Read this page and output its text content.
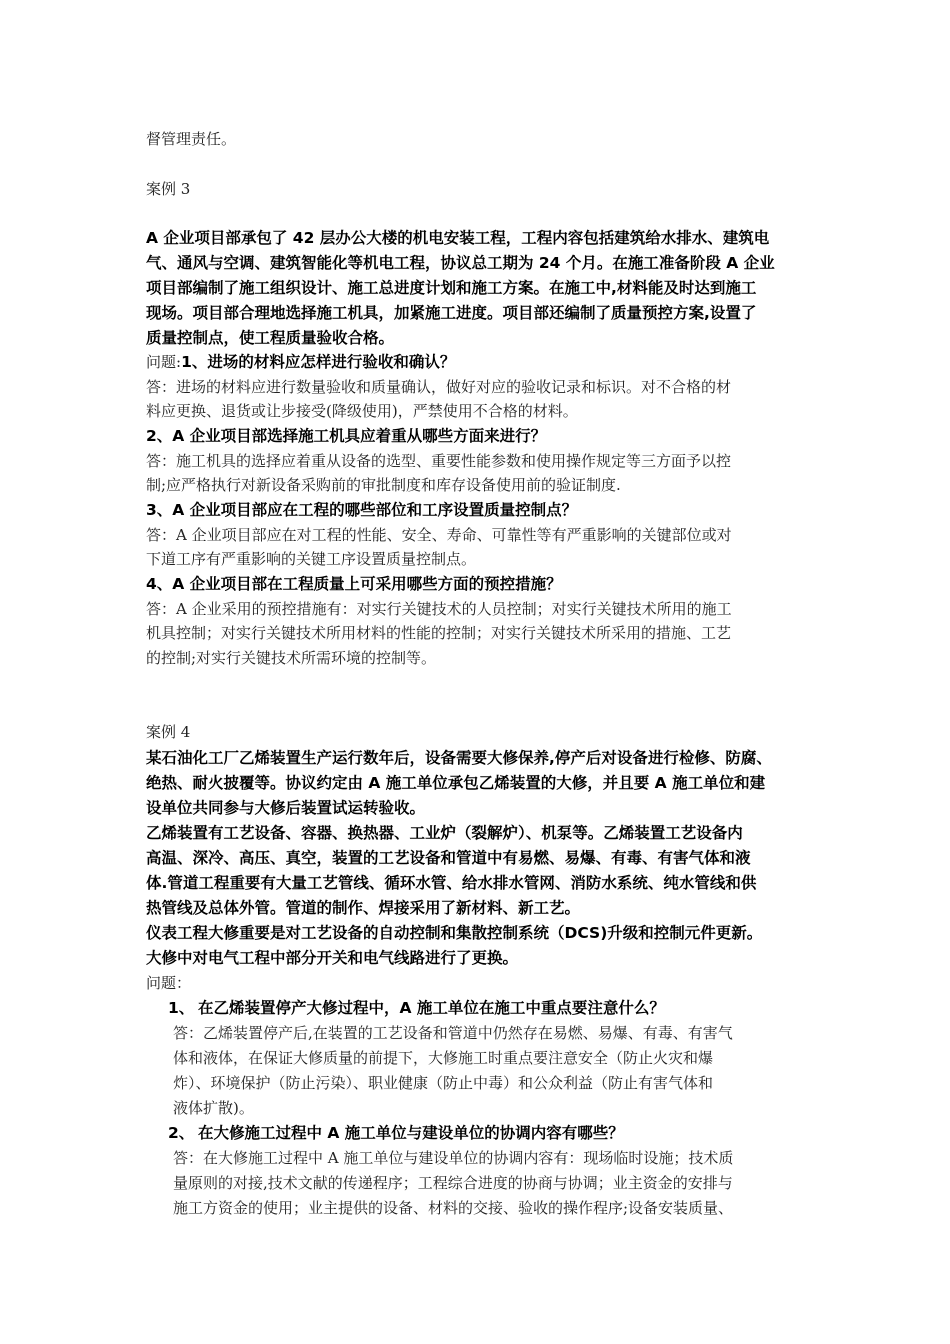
督管理责任。
案例 3
A 企业项目部承包了 42 层办公大楼的机电安装工程，工程内容包括建筑给水排水、建筑电
气、通风与空调、建筑智能化等机电工程，协议总工期为 24 个月。在施工准备阶段 A 企业
项目部编制了施工组织设计、施工总进度计划和施工方案。在施工中,材料能及时达到施工
现场。项目部合理地选择施工机具，加紧施工进度。项目部还编制了质量预控方案,设置了
质量控制点，使工程质量验收合格。
问题:1、进场的材料应怎样进行验收和确认？
答：进场的材料应进行数量验收和质量确认，做好对应的验收记录和标识。对不合格的材
料应更换、退货或让步接受(降级使用)，严禁使用不合格的材料。
2、A 企业项目部选择施工机具应着重从哪些方面来进行？
答：施工机具的选择应着重从设备的选型、重要性能参数和使用操作规定等三方面予以控
制;应严格执行对新设备采购前的审批制度和库存设备使用前的验证制度.
3、A 企业项目部应在工程的哪些部位和工序设置质量控制点？
答：A 企业项目部应在对工程的性能、安全、寿命、可靠性等有严重影响的关键部位或对
下道工序有严重影响的关键工序设置质量控制点。
4、A 企业项目部在工程质量上可采用哪些方面的预控措施？
答：A 企业采用的预控措施有：对实行关键技术的人员控制；对实行关键技术所用的施工
机具控制；对实行关键技术所用材料的性能的控制；对实行关键技术所采用的措施、工艺
的控制;对实行关键技术所需环境的控制等。
案例 4
某石油化工厂乙烯装置生产运行数年后，设备需要大修保养,停产后对设备进行检修、防腐、
绝热、耐火披覆等。协议约定由 A 施工单位承包乙烯装置的大修，并且要 A 施工单位和建
设单位共同参与大修后装置试运转验收。
乙烯装置有工艺设备、容器、换热器、工业炉（裂解炉）、机泵等。乙烯装置工艺设备内
高温、深冷、高压、真空，装置的工艺设备和管道中有易燃、易爆、有毒、有害气体和液
体.管道工程重要有大量工艺管线、循环水管、给水排水管网、消防水系统、纯水管线和供
热管线及总体外管。管道的制作、焊接采用了新材料、新工艺。
仪表工程大修重要是对工艺设备的自动控制和集散控制系统（DCS)升级和控制元件更新。
大修中对电气工程中部分开关和电气线路进行了更换。
问题：
1、 在乙烯装置停产大修过程中，A 施工单位在施工中重点要注意什么？
答：乙烯装置停产后,在装置的工艺设备和管道中仍然存在易燃、易爆、有毒、有害气
体和液体，在保证大修质量的前提下，大修施工时重点要注意安全（防止火灾和爆
炸）、环境保护（防止污染）、职业健康（防止中毒）和公众利益（防止有害气体和
液体扩散)。
2、 在大修施工过程中 A 施工单位与建设单位的协调内容有哪些？
答：在大修施工过程中 A 施工单位与建设单位的协调内容有：现场临时设施；技术质
量原则的对接,技术文献的传递程序；工程综合进度的协商与协调；业主资金的安排与
施工方资金的使用；业主提供的设备、材料的交接、验收的操作程序;设备安装质量、
